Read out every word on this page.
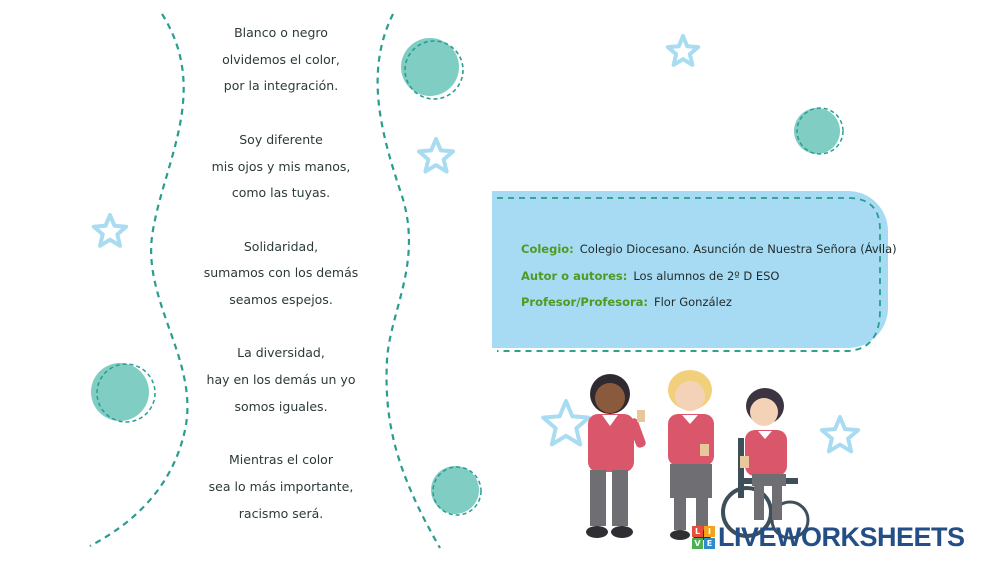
Blanco o negro
olvidemos el color,
por la integración.
Soy diferente
mis ojos y mis manos,
como las tuyas.
Solidaridad,
sumamos con los demás
seamos espejos.
La diversidad,
hay en los demás un yo
somos iguales.
Mientras el color
sea lo más importante,
racismo será.
Colegio: Colegio Diocesano. Asunción de Nuestra Señora (Ávila)
Autor o autores: Los alumnos de 2º D ESO
Profesor/Profesora: Flor González
L I
V E LIVEWORKSHEETS
